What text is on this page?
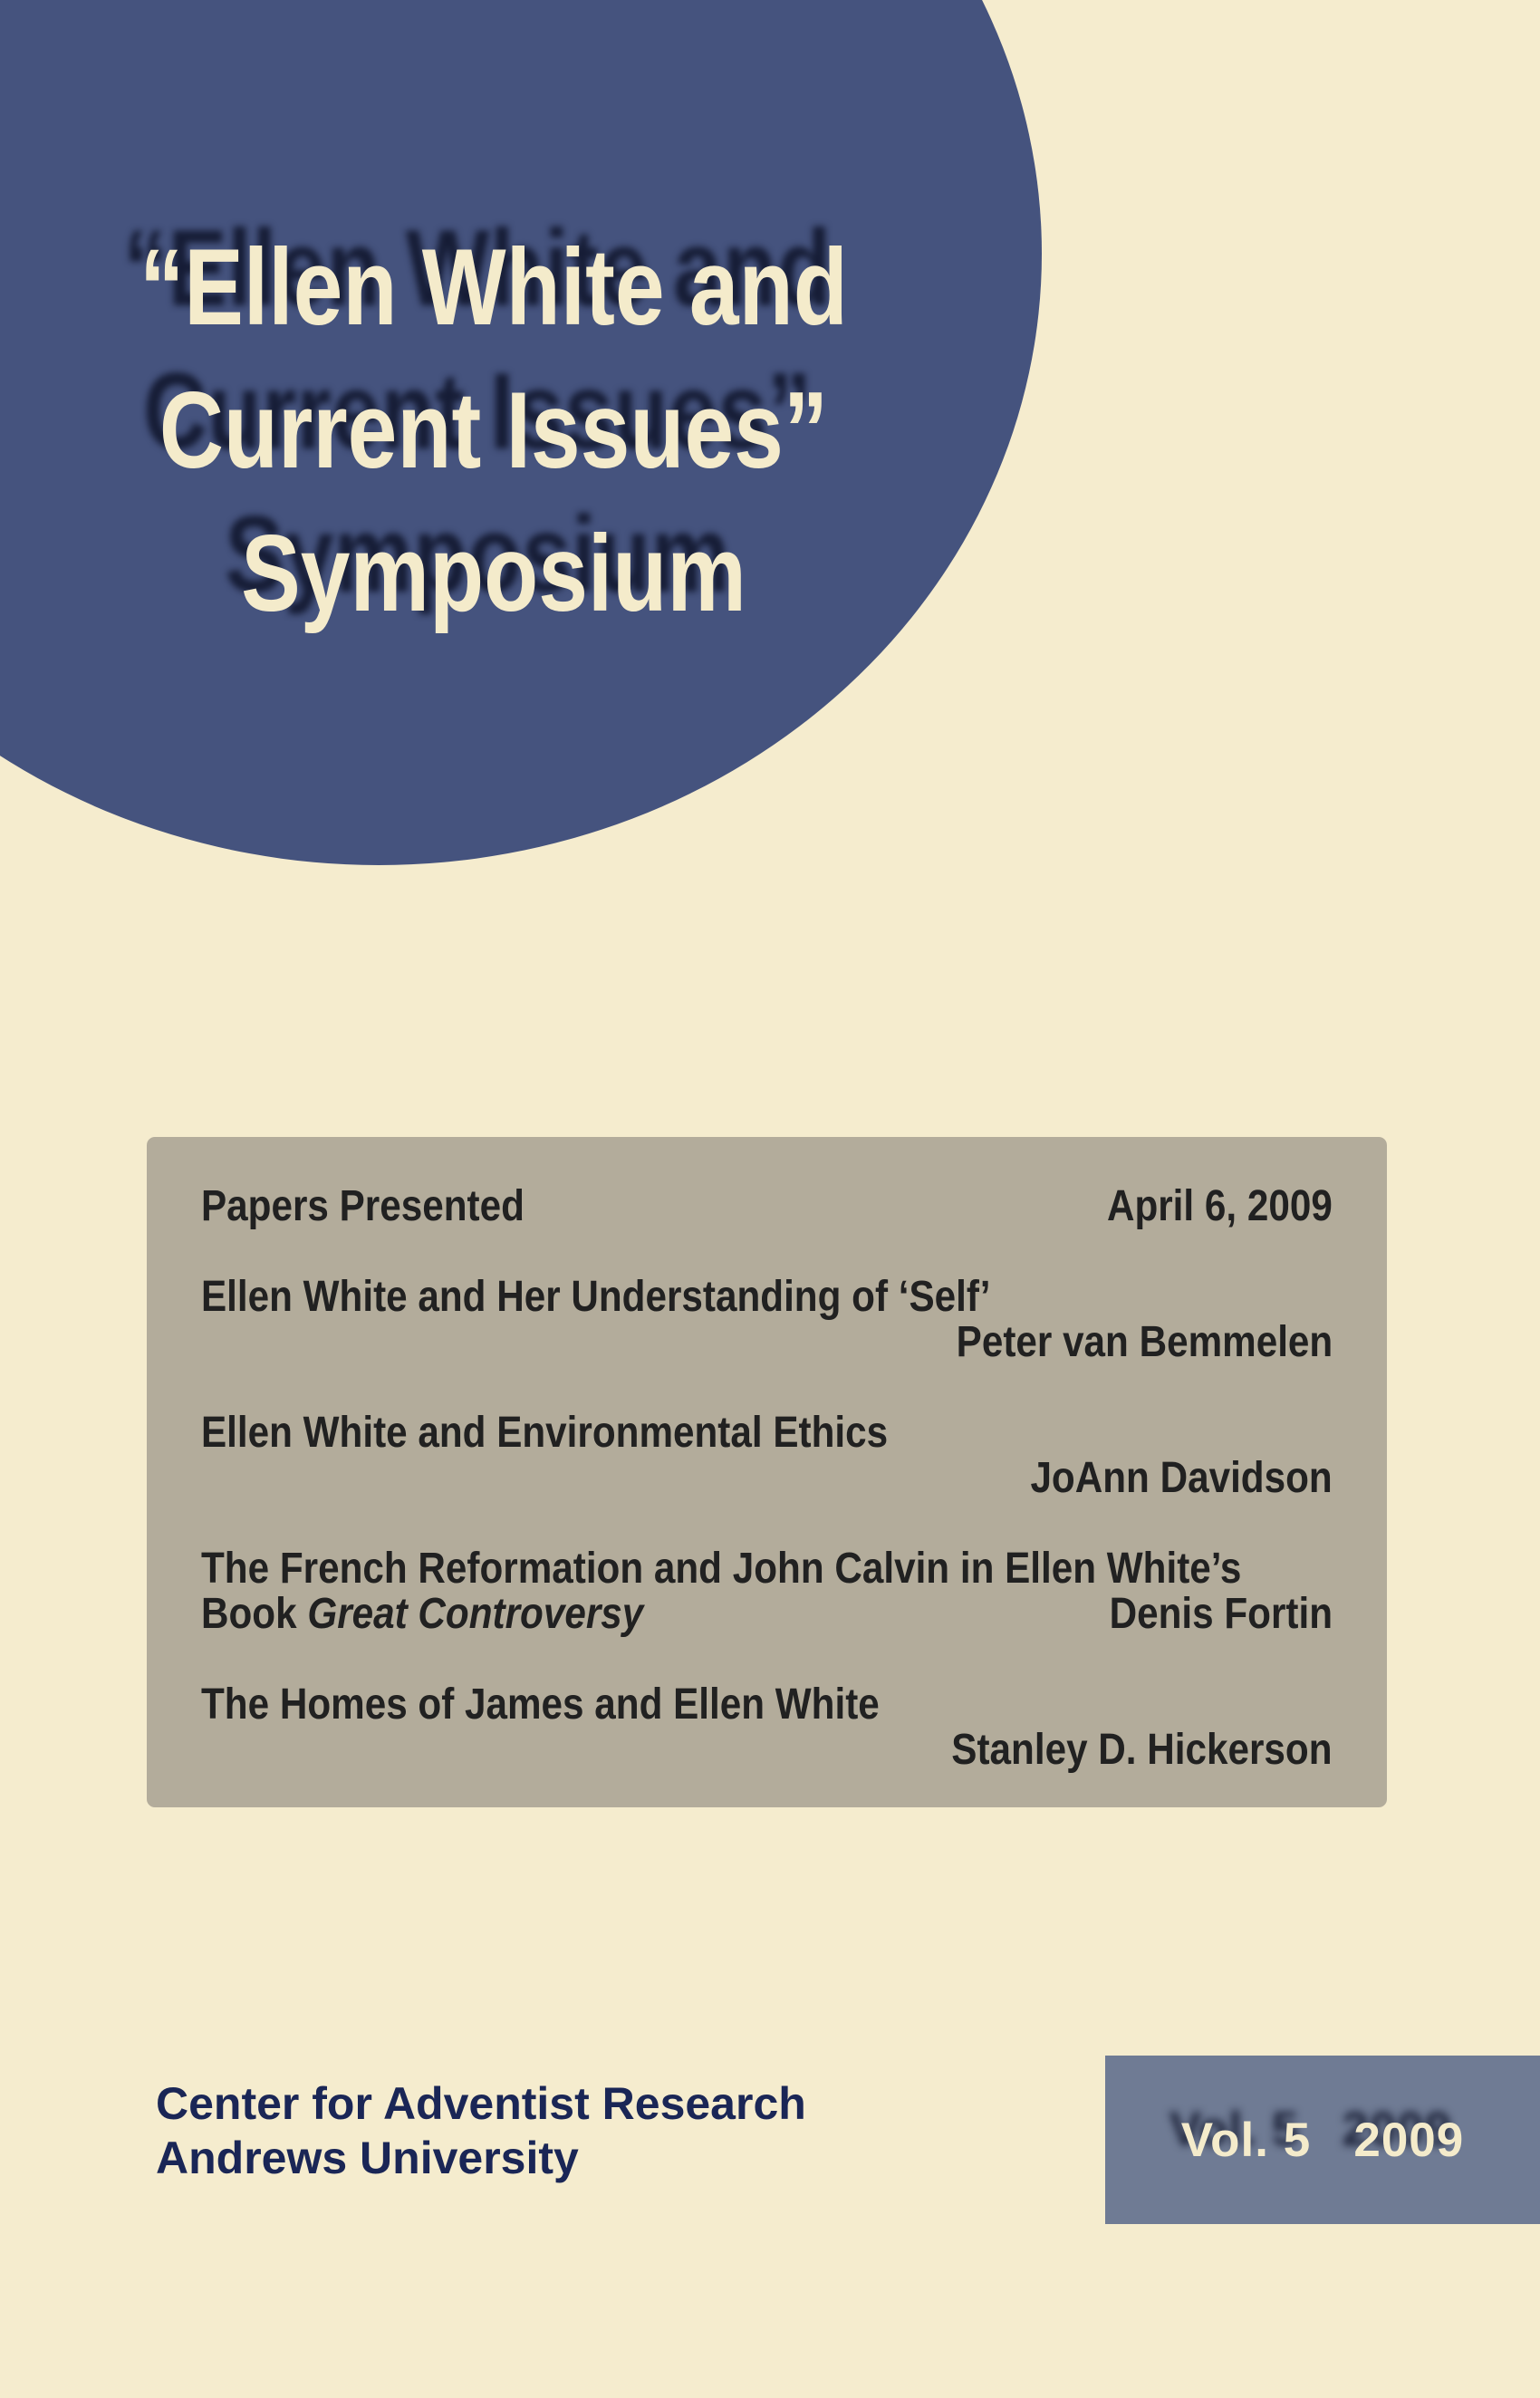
“Ellen White and
Current Issues”
Symposium
Papers Presented	April 6, 2009
Ellen White and Her Understanding of ‘Self’
Peter van Bemmelen
Ellen White and Environmental Ethics
JoAnn Davidson
The French Reformation and John Calvin in Ellen White’s
Book Great Controversy	Denis Fortin
The Homes of James and Ellen White
Stanley D. Hickerson
Center for Adventist Research
Andrews University	Vol. 5   2009
